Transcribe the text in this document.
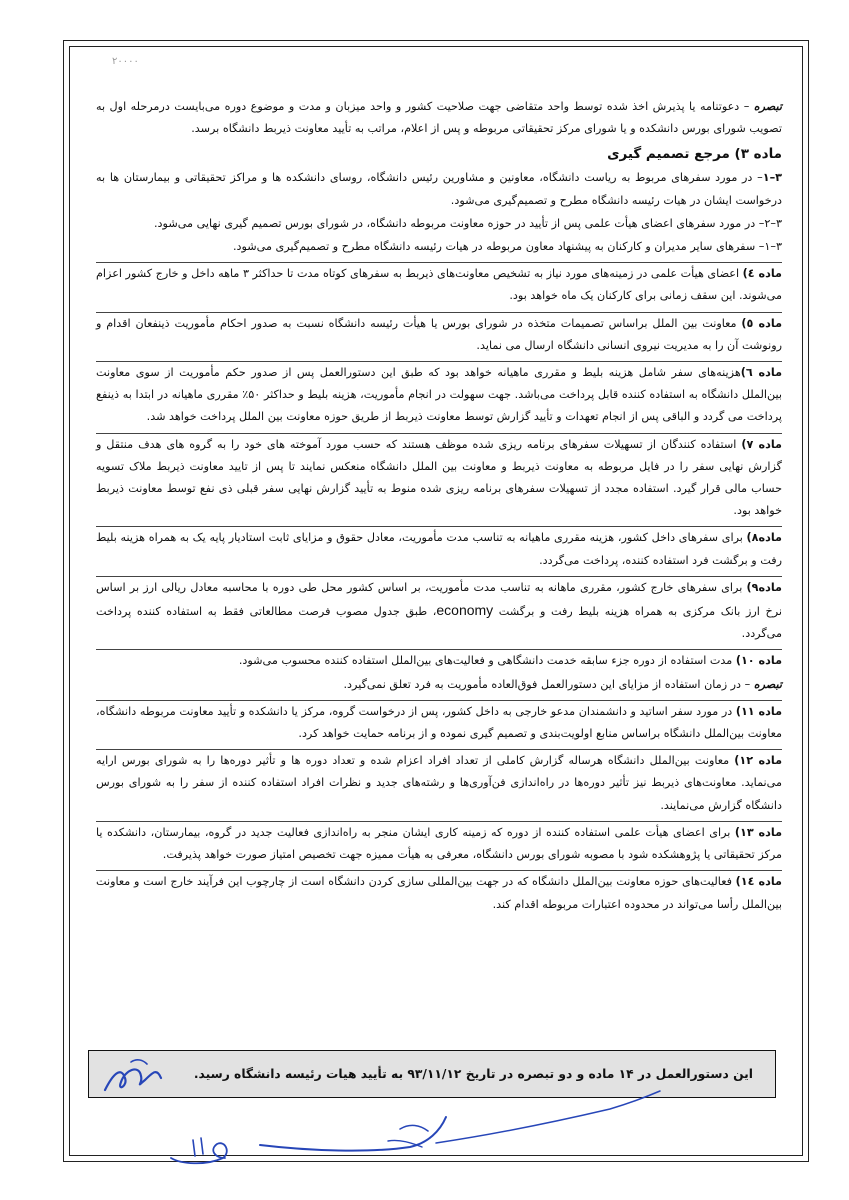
۲۰۰۰۰

تبصره – دعوتنامه یا پذیرش اخذ شده توسط واحد متقاضی جهت صلاحیت کشور و واحد میزبان و مدت و موضوع دوره می‌بایست درمرحله اول به تصویب شورای بورس دانشکده و یا شورای مرکز تحقیقاتی مربوطه و پس از اعلام، مراتب به تأیید معاونت ذیربط دانشگاه برسد.

ماده ۳) مرجع تصمیم گیری

۳–۱– در مورد سفرهای مربوط به ریاست دانشگاه، معاونین و مشاورین رئیس دانشگاه، روسای دانشکده ها و مراکز تحقیقاتی و بیمارستان ها به درخواست ایشان در هیات رئیسه دانشگاه مطرح و تصمیم‌گیری می‌شود.

۳–۲– در مورد سفرهای اعضای هیأت علمی پس از تأیید در حوزه معاونت مربوطه دانشگاه، در شورای بورس تصمیم گیری نهایی می‌شود.

۳–۱– سفرهای سایر مدیران و کارکنان به پیشنهاد معاون مربوطه در هیات رئیسه دانشگاه مطرح و تصمیم‌گیری می‌شود.

ماده ٤) اعضای هیأت علمی در زمینه‌های مورد نیاز به تشخیص معاونت‌های ذیربط به سفرهای کوتاه مدت تا حداکثر ۳ ماهه داخل و خارج کشور اعزام می‌شوند. این سقف زمانی برای کارکنان یک ماه خواهد بود.

ماده ٥) معاونت بین الملل براساس تصمیمات متخذه در شورای بورس یا هیأت رئیسه دانشگاه نسبت به صدور احکام مأموریت ذینفعان اقدام و رونوشت آن را به مدیریت نیروی انسانی دانشگاه ارسال می نماید.

ماده ٦)هزینه‌های سفر شامل هزینه بلیط و مقرری ماهیانه خواهد بود که طبق این دستورالعمل پس از صدور حکم مأموریت از سوی معاونت بین‌الملل دانشگاه به استفاده کننده قابل پرداخت می‌باشد. جهت سهولت در انجام مأموریت، هزینه بلیط و حداکثر ۵۰٪ مقرری ماهیانه در ابتدا به ذینفع پرداخت می گردد و الباقی پس از انجام تعهدات و تأیید گزارش توسط معاونت ذیربط از طریق حوزه معاونت بین الملل پرداخت خواهد شد.

ماده ۷) استفاده کنندگان از تسهیلات سفرهای برنامه ریزی شده موظف هستند که حسب مورد آموخته های خود را به گروه های هدف منتقل و گزارش نهایی سفر را در فایل مربوطه به معاونت ذیربط و معاونت بین الملل دانشگاه منعکس نمایند تا پس از تایید معاونت ذیربط ملاک تسویه حساب مالی قرار گیرد. استفاده مجدد از تسهیلات سفرهای برنامه ریزی شده منوط به تأیید گزارش نهایی سفر قبلی ذی نفع توسط معاونت ذیربط خواهد بود.

ماده۸) برای سفرهای داخل کشور، هزینه مقرری ماهیانه به تناسب مدت مأموریت، معادل حقوق و مزایای ثابت استادیار پایه یک به همراه هزینه بلیط رفت و برگشت فرد استفاده کننده، پرداخت می‌گردد.

ماده۹) برای سفرهای خارج کشور، مقرری ماهانه به تناسب مدت مأموریت، بر اساس کشور محل طی دوره با محاسبه معادل ریالی ارز بر اساس نرخ ارز بانک مرکزی به همراه هزینه بلیط رفت و برگشت economy، طبق جدول مصوب فرصت مطالعاتی فقط به استفاده کننده پرداخت می‌گردد.

ماده ۱۰) مدت استفاده از دوره جزء سابقه خدمت دانشگاهی و فعالیت‌های بین‌الملل استفاده کننده محسوب می‌شود.

تبصره – در زمان استفاده از مزایای این دستورالعمل فوق‌العاده مأموریت به فرد تعلق نمی‌گیرد.

ماده ۱۱) در مورد سفر اساتید و دانشمندان مدعو خارجی به داخل کشور، پس از درخواست گروه، مرکز یا دانشکده و تأیید معاونت مربوطه دانشگاه، معاونت بین‌الملل دانشگاه براساس منابع اولویت‌بندی و تصمیم گیری نموده و از برنامه حمایت خواهد کرد.

ماده ۱۲) معاونت بین‌الملل دانشگاه هرساله گزارش کاملی از تعداد افراد اعزام شده و تعداد دوره ها و تأثیر دوره‌ها را به شورای بورس ارایه می‌نماید. معاونت‌های ذیربط نیز تأثیر دوره‌ها در راه‌اندازی فن‌آوری‌ها و رشته‌های جدید و نظرات افراد استفاده کننده از سفر را به شورای بورس دانشگاه گزارش می‌نمایند.

ماده ۱۳) برای اعضای هیأت علمی استفاده کننده از دوره که زمینه کاری ایشان منجر به راه‌اندازی فعالیت جدید در گروه، بیمارستان، دانشکده یا مرکز تحقیقاتی یا پژوهشکده شود با مصوبه شورای بورس دانشگاه، معرفی به هیأت ممیزه جهت تخصیص امتیاز صورت خواهد پذیرفت.

ماده ١٤) فعالیت‌های حوزه معاونت بین‌الملل دانشگاه که در جهت بین‌المللی سازی کردن دانشگاه است از چارچوب این فرآیند خارج است و معاونت بین‌الملل رأسا می‌تواند در محدوده اعتبارات مربوطه اقدام کند.

این دستورالعمل در ۱۴ ماده و دو تبصره در تاریخ ۹۳/۱۱/۱۲ به تأیید هیات رئیسه دانشگاه رسید.
